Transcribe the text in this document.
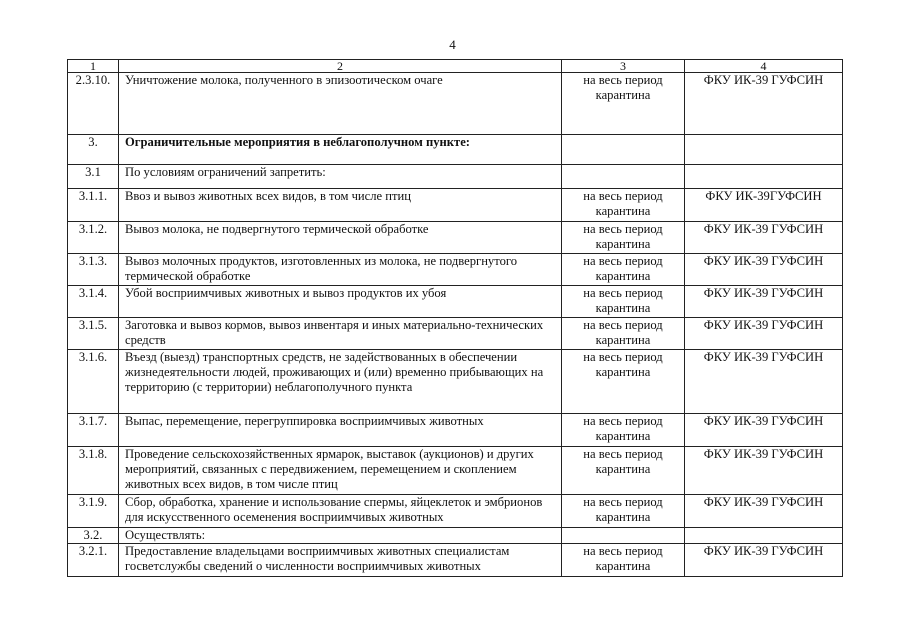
4
1	2	3	4
2.3.10.	Уничтожение молока, полученного в эпизоотическом очаге	на весь период карантина	ФКУ ИК-39 ГУФСИН
3.	Ограничительные мероприятия в неблагополучном пункте:		
3.1	По условиям ограничений запретить:		
3.1.1.	Ввоз и вывоз животных всех видов, в том числе птиц	на весь период карантина	ФКУ ИК-39ГУФСИН
3.1.2.	Вывоз молока, не подвергнутого термической обработке	на весь период карантина	ФКУ ИК-39 ГУФСИН
3.1.3.	Вывоз молочных продуктов, изготовленных из молока, не подвергнутого термической обработке	на весь период карантина	ФКУ ИК-39 ГУФСИН
3.1.4.	Убой восприимчивых животных и вывоз продуктов их убоя	на весь период карантина	ФКУ ИК-39 ГУФСИН
3.1.5.	Заготовка и вывоз кормов, вывоз инвентаря и иных материально-технических средств	на весь период карантина	ФКУ ИК-39 ГУФСИН
3.1.6.	Въезд (выезд) транспортных средств, не задействованных в обеспечении жизнедеятельности людей, проживающих и (или) временно прибывающих на территорию (с территории) неблагополучного пункта	на весь период карантина	ФКУ ИК-39 ГУФСИН
3.1.7.	Выпас, перемещение, перегруппировка восприимчивых животных	на весь период карантина	ФКУ ИК-39 ГУФСИН
3.1.8.	Проведение сельскохозяйственных ярмарок, выставок (аукционов) и других мероприятий, связанных с передвижением, перемещением и скоплением животных всех видов, в том числе птиц	на весь период карантина	ФКУ ИК-39 ГУФСИН
3.1.9.	Сбор, обработка, хранение и использование спермы, яйцеклеток и эмбрионов для искусственного осеменения восприимчивых животных	на весь период карантина	ФКУ ИК-39 ГУФСИН
3.2.	Осуществлять:		
3.2.1.	Предоставление владельцами восприимчивых животных специалистам госветслужбы сведений о численности восприимчивых животных	на весь период карантина	ФКУ ИК-39 ГУФСИН
